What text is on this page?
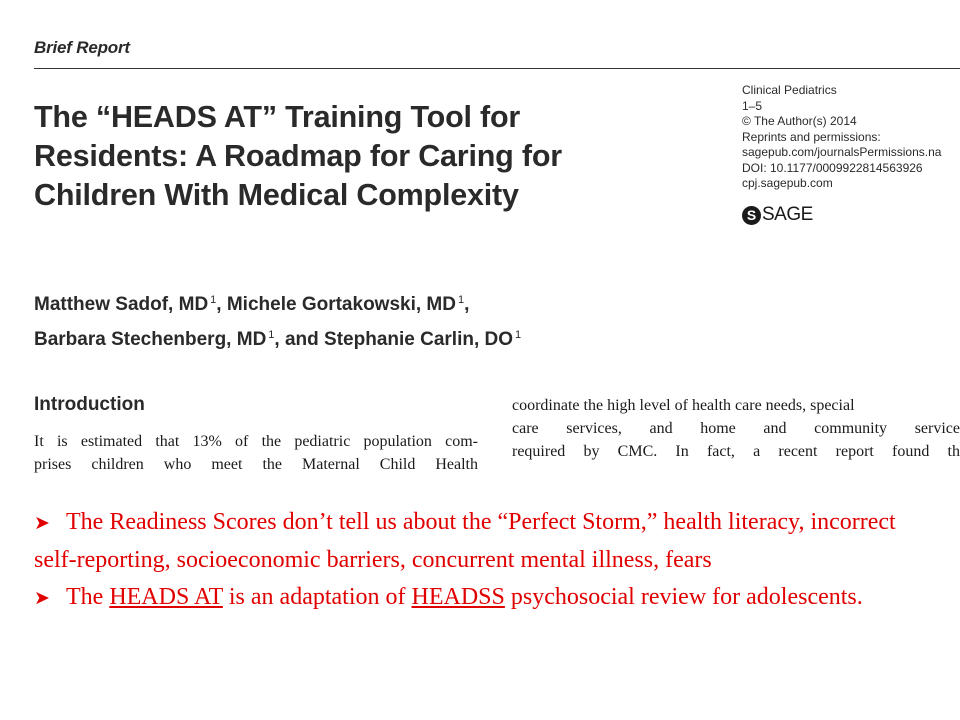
Brief Report
The “HEADS AT” Training Tool for
Residents: A Roadmap for Caring for
Children With Medical Complexity
Clinical Pediatrics
1–5
© The Author(s) 2014
Reprints and permissions:
sagepub.com/journalsPermissions.na
DOI: 10.1177/0009922814563926
cpj.sagepub.com
S SAGE
Matthew Sadof, MD $^1$, Michele Gortakowski, MD $^1$,
Barbara Stechenberg, MD $^1$, and Stephanie Carlin, DO $^1$
Introduction
It is estimated that 13% of the pediatric population com-
prises children who meet the Maternal Child Health
coordinate the high level of health care needs, special
care services, and home and community service
required by CMC. In fact, a recent report found th

➤ The Readiness Scores don’t tell us about the “Perfect Storm,” health literacy, incorrect self-reporting, socioeconomic barriers, concurrent mental illness, fears

➤ The HEADS AT is an adaptation of HEADSS psychosocial review for adolescents.
